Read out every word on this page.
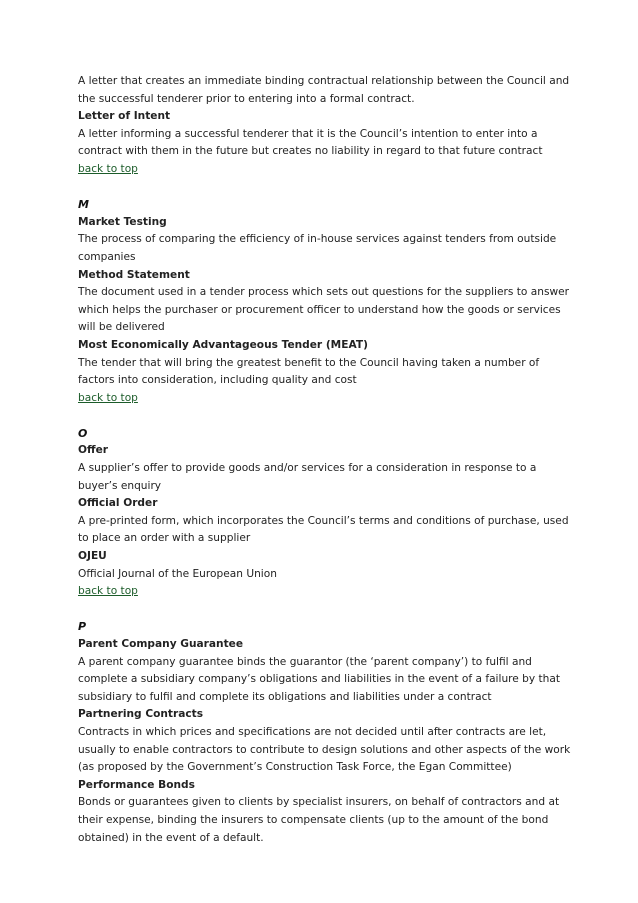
A letter that creates an immediate binding contractual relationship between the Council and
the successful tenderer prior to entering into a formal contract.
Letter of Intent
A letter informing a successful tenderer that it is the Council’s intention to enter into a
contract with them in the future but creates no liability in regard to that future contract
back to top
M
Market Testing
The process of comparing the efficiency of in-house services against tenders from outside
companies
Method Statement
The document used in a tender process which sets out questions for the suppliers to answer
which helps the purchaser or procurement officer to understand how the goods or services
will be delivered
Most Economically Advantageous Tender (MEAT)
The tender that will bring the greatest benefit to the Council having taken a number of
factors into consideration, including quality and cost
back to top
O
Offer
A supplier’s offer to provide goods and/or services for a consideration in response to a
buyer’s enquiry
Official Order
A pre-printed form, which incorporates the Council’s terms and conditions of purchase, used
to place an order with a supplier
OJEU
Official Journal of the European Union
back to top
P
Parent Company Guarantee
A parent company guarantee binds the guarantor (the ‘parent company’) to fulfil and
complete a subsidiary company’s obligations and liabilities in the event of a failure by that
subsidiary to fulfil and complete its obligations and liabilities under a contract
Partnering Contracts
Contracts in which prices and specifications are not decided until after contracts are let,
usually to enable contractors to contribute to design solutions and other aspects of the work
(as proposed by the Government’s Construction Task Force, the Egan Committee)
Performance Bonds
Bonds or guarantees given to clients by specialist insurers, on behalf of contractors and at
their expense, binding the insurers to compensate clients (up to the amount of the bond
obtained) in the event of a default.
